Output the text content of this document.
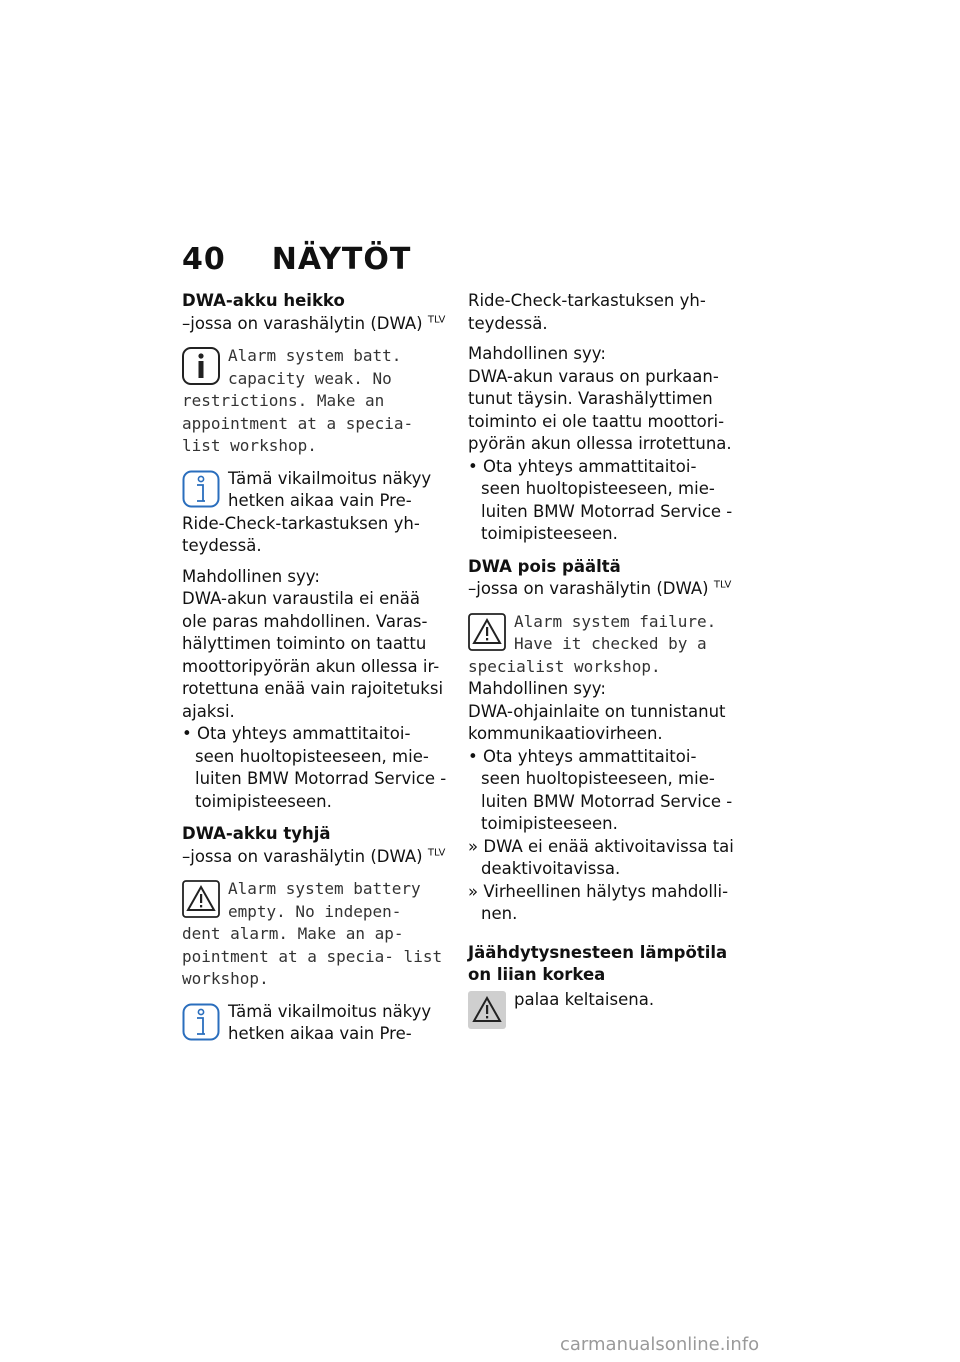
40 NÄYTÖT
DWA-akku heikko
–jossa on varashälytin (DWA) $^{TLV}$
Alarm system batt. capacity weak. No restrictions. Make an appointment at a specia- list workshop.
Tämä vikailmoitus näkyy hetken aikaa vain Pre- Ride-Check-tarkastuksen yh- teydessä.
Mahdollinen syy:
DWA-akun varaustila ei enää ole paras mahdollinen. Varas- hälyttimen toiminto on taattu moottoripyörän akun ollessa ir- rotettuna enää vain rajoitetuksi ajaksi.
• Ota yhteys ammattitaitoi- seen huoltopisteeseen, mie- luiten BMW Motorrad Service -toimipisteeseen.
DWA-akku tyhjä
–jossa on varashälytin (DWA) $^{TLV}$
Alarm system battery empty. No indepen- dent alarm. Make an ap- pointment at a specia- list workshop.
Tämä vikailmoitus näkyy hetken aikaa vain Pre-
Ride-Check-tarkastuksen yh- teydessä.
Mahdollinen syy:
DWA-akun varaus on purkaan- tunut täysin. Varashälyttimen toiminto ei ole taattu moottori- pyörän akun ollessa irrotettuna.
• Ota yhteys ammattitaitoi- seen huoltopisteeseen, mie- luiten BMW Motorrad Service -toimipisteeseen.
DWA pois päältä
–jossa on varashälytin (DWA) $^{TLV}$
Alarm system failure. Have it checked by a specialist workshop.
Mahdollinen syy:
DWA-ohjainlaite on tunnistanut kommunikaatiovirheen.
• Ota yhteys ammattitaitoi- seen huoltopisteeseen, mie- luiten BMW Motorrad Service -toimipisteeseen.
» DWA ei enää aktivoitavissa tai deaktivoitavissa.
» Virheellinen hälytys mahdolli- nen.
Jäähdytysnesteen lämpötila on liian korkea
palaa keltaisena.
carmanualsonline.info
